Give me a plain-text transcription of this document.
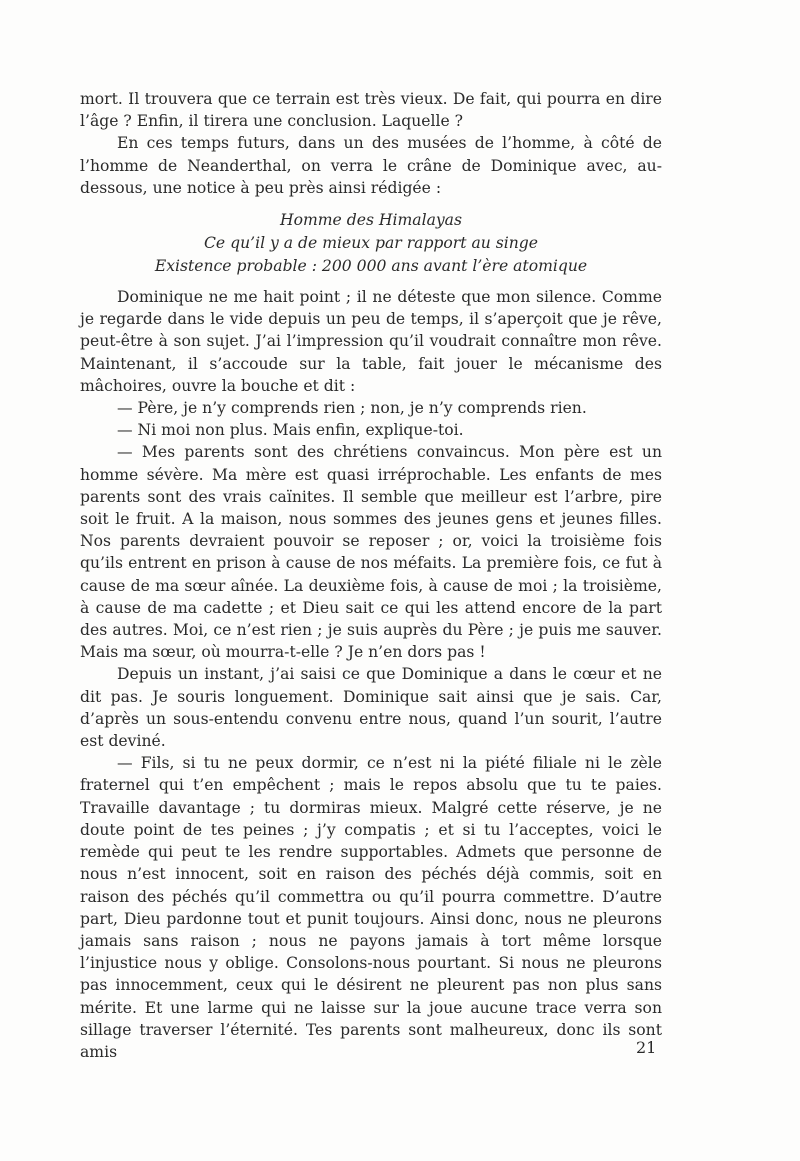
mort. Il trouvera que ce terrain est très vieux. De fait, qui pourra en dire l’âge ? Enfin, il tirera une conclusion. Laquelle ?

En ces temps futurs, dans un des musées de l’homme, à côté de l’homme de Neanderthal, on verra le crâne de Dominique avec, au-dessous, une notice à peu près ainsi rédigée :

Homme des Himalayas
Ce qu’il y a de mieux par rapport au singe
Existence probable : 200 000 ans avant l’ère atomique

Dominique ne me hait point ; il ne déteste que mon silence. Comme je regarde dans le vide depuis un peu de temps, il s’aperçoit que je rêve, peut-être à son sujet. J’ai l’impression qu’il voudrait connaître mon rêve. Maintenant, il s’accoude sur la table, fait jouer le mécanisme des mâchoires, ouvre la bouche et dit :

— Père, je n’y comprends rien ; non, je n’y comprends rien.

— Ni moi non plus. Mais enfin, explique-toi.

— Mes parents sont des chrétiens convaincus. Mon père est un homme sévère. Ma mère est quasi irréprochable. Les enfants de mes parents sont des vrais caïnites. Il semble que meilleur est l’arbre, pire soit le fruit. A la maison, nous sommes des jeunes gens et jeunes filles. Nos parents devraient pouvoir se reposer ; or, voici la troisième fois qu’ils entrent en prison à cause de nos méfaits. La première fois, ce fut à cause de ma sœur aînée. La deuxième fois, à cause de moi ; la troisième, à cause de ma cadette ; et Dieu sait ce qui les attend encore de la part des autres. Moi, ce n’est rien ; je suis auprès du Père ; je puis me sauver. Mais ma sœur, où mourra-t-elle ? Je n’en dors pas !

Depuis un instant, j’ai saisi ce que Dominique a dans le cœur et ne dit pas. Je souris longuement. Dominique sait ainsi que je sais. Car, d’après un sous-entendu convenu entre nous, quand l’un sourit, l’autre est deviné.

— Fils, si tu ne peux dormir, ce n’est ni la piété filiale ni le zèle fraternel qui t’en empêchent ; mais le repos absolu que tu te paies. Travaille davantage ; tu dormiras mieux. Malgré cette réserve, je ne doute point de tes peines ; j’y compatis ; et si tu l’acceptes, voici le remède qui peut te les rendre supportables. Admets que personne de nous n’est innocent, soit en raison des péchés déjà commis, soit en raison des péchés qu’il commettra ou qu’il pourra commettre. D’autre part, Dieu pardonne tout et punit toujours. Ainsi donc, nous ne pleurons jamais sans raison ; nous ne payons jamais à tort même lorsque l’injustice nous y oblige. Consolons-nous pourtant. Si nous ne pleurons pas innocemment, ceux qui le désirent ne pleurent pas non plus sans mérite. Et une larme qui ne laisse sur la joue aucune trace verra son sillage traverser l’éternité. Tes parents sont malheureux, donc ils sont amis	21
